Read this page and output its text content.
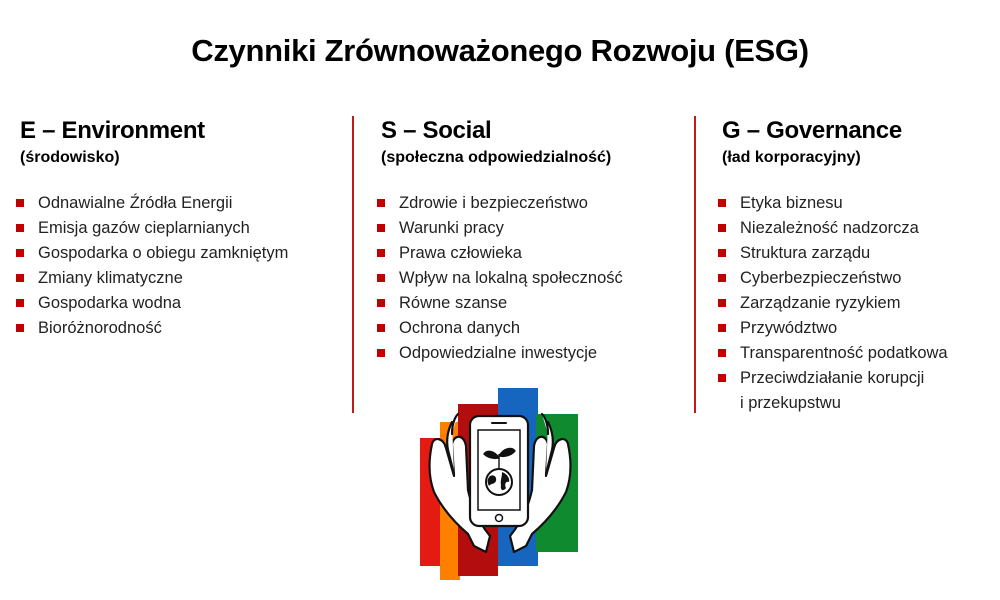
Czynniki Zrównoważonego Rozwoju (ESG)
E – Environment
(środowisko)
Odnawialne Źródła Energii
Emisja gazów cieplarnianych
Gospodarka o obiegu zamkniętym
Zmiany klimatyczne
Gospodarka wodna
Bioróżnorodność
S – Social
(społeczna odpowiedzialność)
Zdrowie i bezpieczeństwo
Warunki pracy
Prawa człowieka
Wpływ na lokalną społeczność
Równe szanse
Ochrona danych
Odpowiedzialne inwestycje
G – Governance
(ład korporacyjny)
Etyka biznesu
Niezależność nadzorcza
Struktura zarządu
Cyberbezpieczeństwo
Zarządzanie ryzykiem
Przywództwo
Transparentność podatkowa
Przeciwdziałanie korupcji
i przekupstwu
